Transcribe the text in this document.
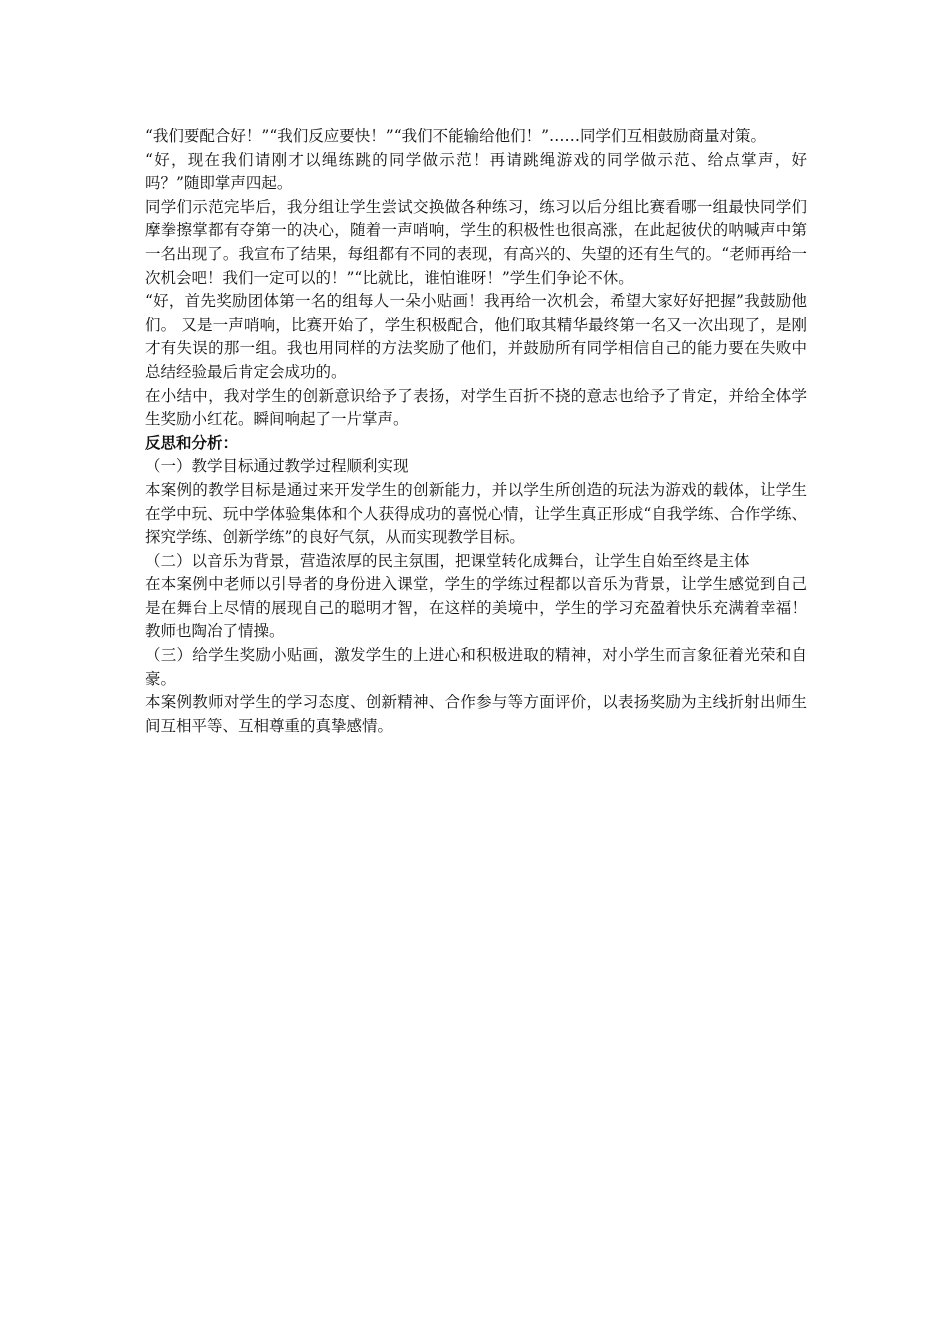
“我们要配合好！”“我们反应要快！”“我们不能输给他们！”……同学们互相鼓励商量对策。

“好，现在我们请刚才以绳练跳的同学做示范！再请跳绳游戏的同学做示范、给点掌声，好吗？”随即掌声四起。

同学们示范完毕后，我分组让学生尝试交换做各种练习，练习以后分组比赛看哪一组最快同学们摩拳擦掌都有夺第一的决心，随着一声哨响，学生的积极性也很高涨，在此起彼伏的呐喊声中第一名出现了。我宣布了结果，每组都有不同的表现，有高兴的、失望的还有生气的。“老师再给一次机会吧！我们一定可以的！”“比就比，谁怕谁呀！”学生们争论不休。

“好，首先奖励团体第一名的组每人一朵小贴画！我再给一次机会，希望大家好好把握”我鼓励他们。 又是一声哨响，比赛开始了，学生积极配合，他们取其精华最终第一名又一次出现了，是刚才有失误的那一组。我也用同样的方法奖励了他们，并鼓励所有同学相信自己的能力要在失败中总结经验最后肯定会成功的。

在小结中，我对学生的创新意识给予了表扬，对学生百折不挠的意志也给予了肯定，并给全体学生奖励小红花。瞬间响起了一片掌声。

反思和分析：

（一）教学目标通过教学过程顺利实现

本案例的教学目标是通过来开发学生的创新能力，并以学生所创造的玩法为游戏的载体，让学生在学中玩、玩中学体验集体和个人获得成功的喜悦心情，让学生真正形成“自我学练、合作学练、探究学练、创新学练”的良好气氛，从而实现教学目标。

（二）以音乐为背景，营造浓厚的民主氛围，把课堂转化成舞台，让学生自始至终是主体

在本案例中老师以引导者的身份进入课堂，学生的学练过程都以音乐为背景，让学生感觉到自己是在舞台上尽情的展现自己的聪明才智，在这样的美境中，学生的学习充盈着快乐充满着幸福！教师也陶冶了情操。

（三）给学生奖励小贴画，激发学生的上进心和积极进取的精神，对小学生而言象征着光荣和自豪。

本案例教师对学生的学习态度、创新精神、合作参与等方面评价，以表扬奖励为主线折射出师生间互相平等、互相尊重的真挚感情。
